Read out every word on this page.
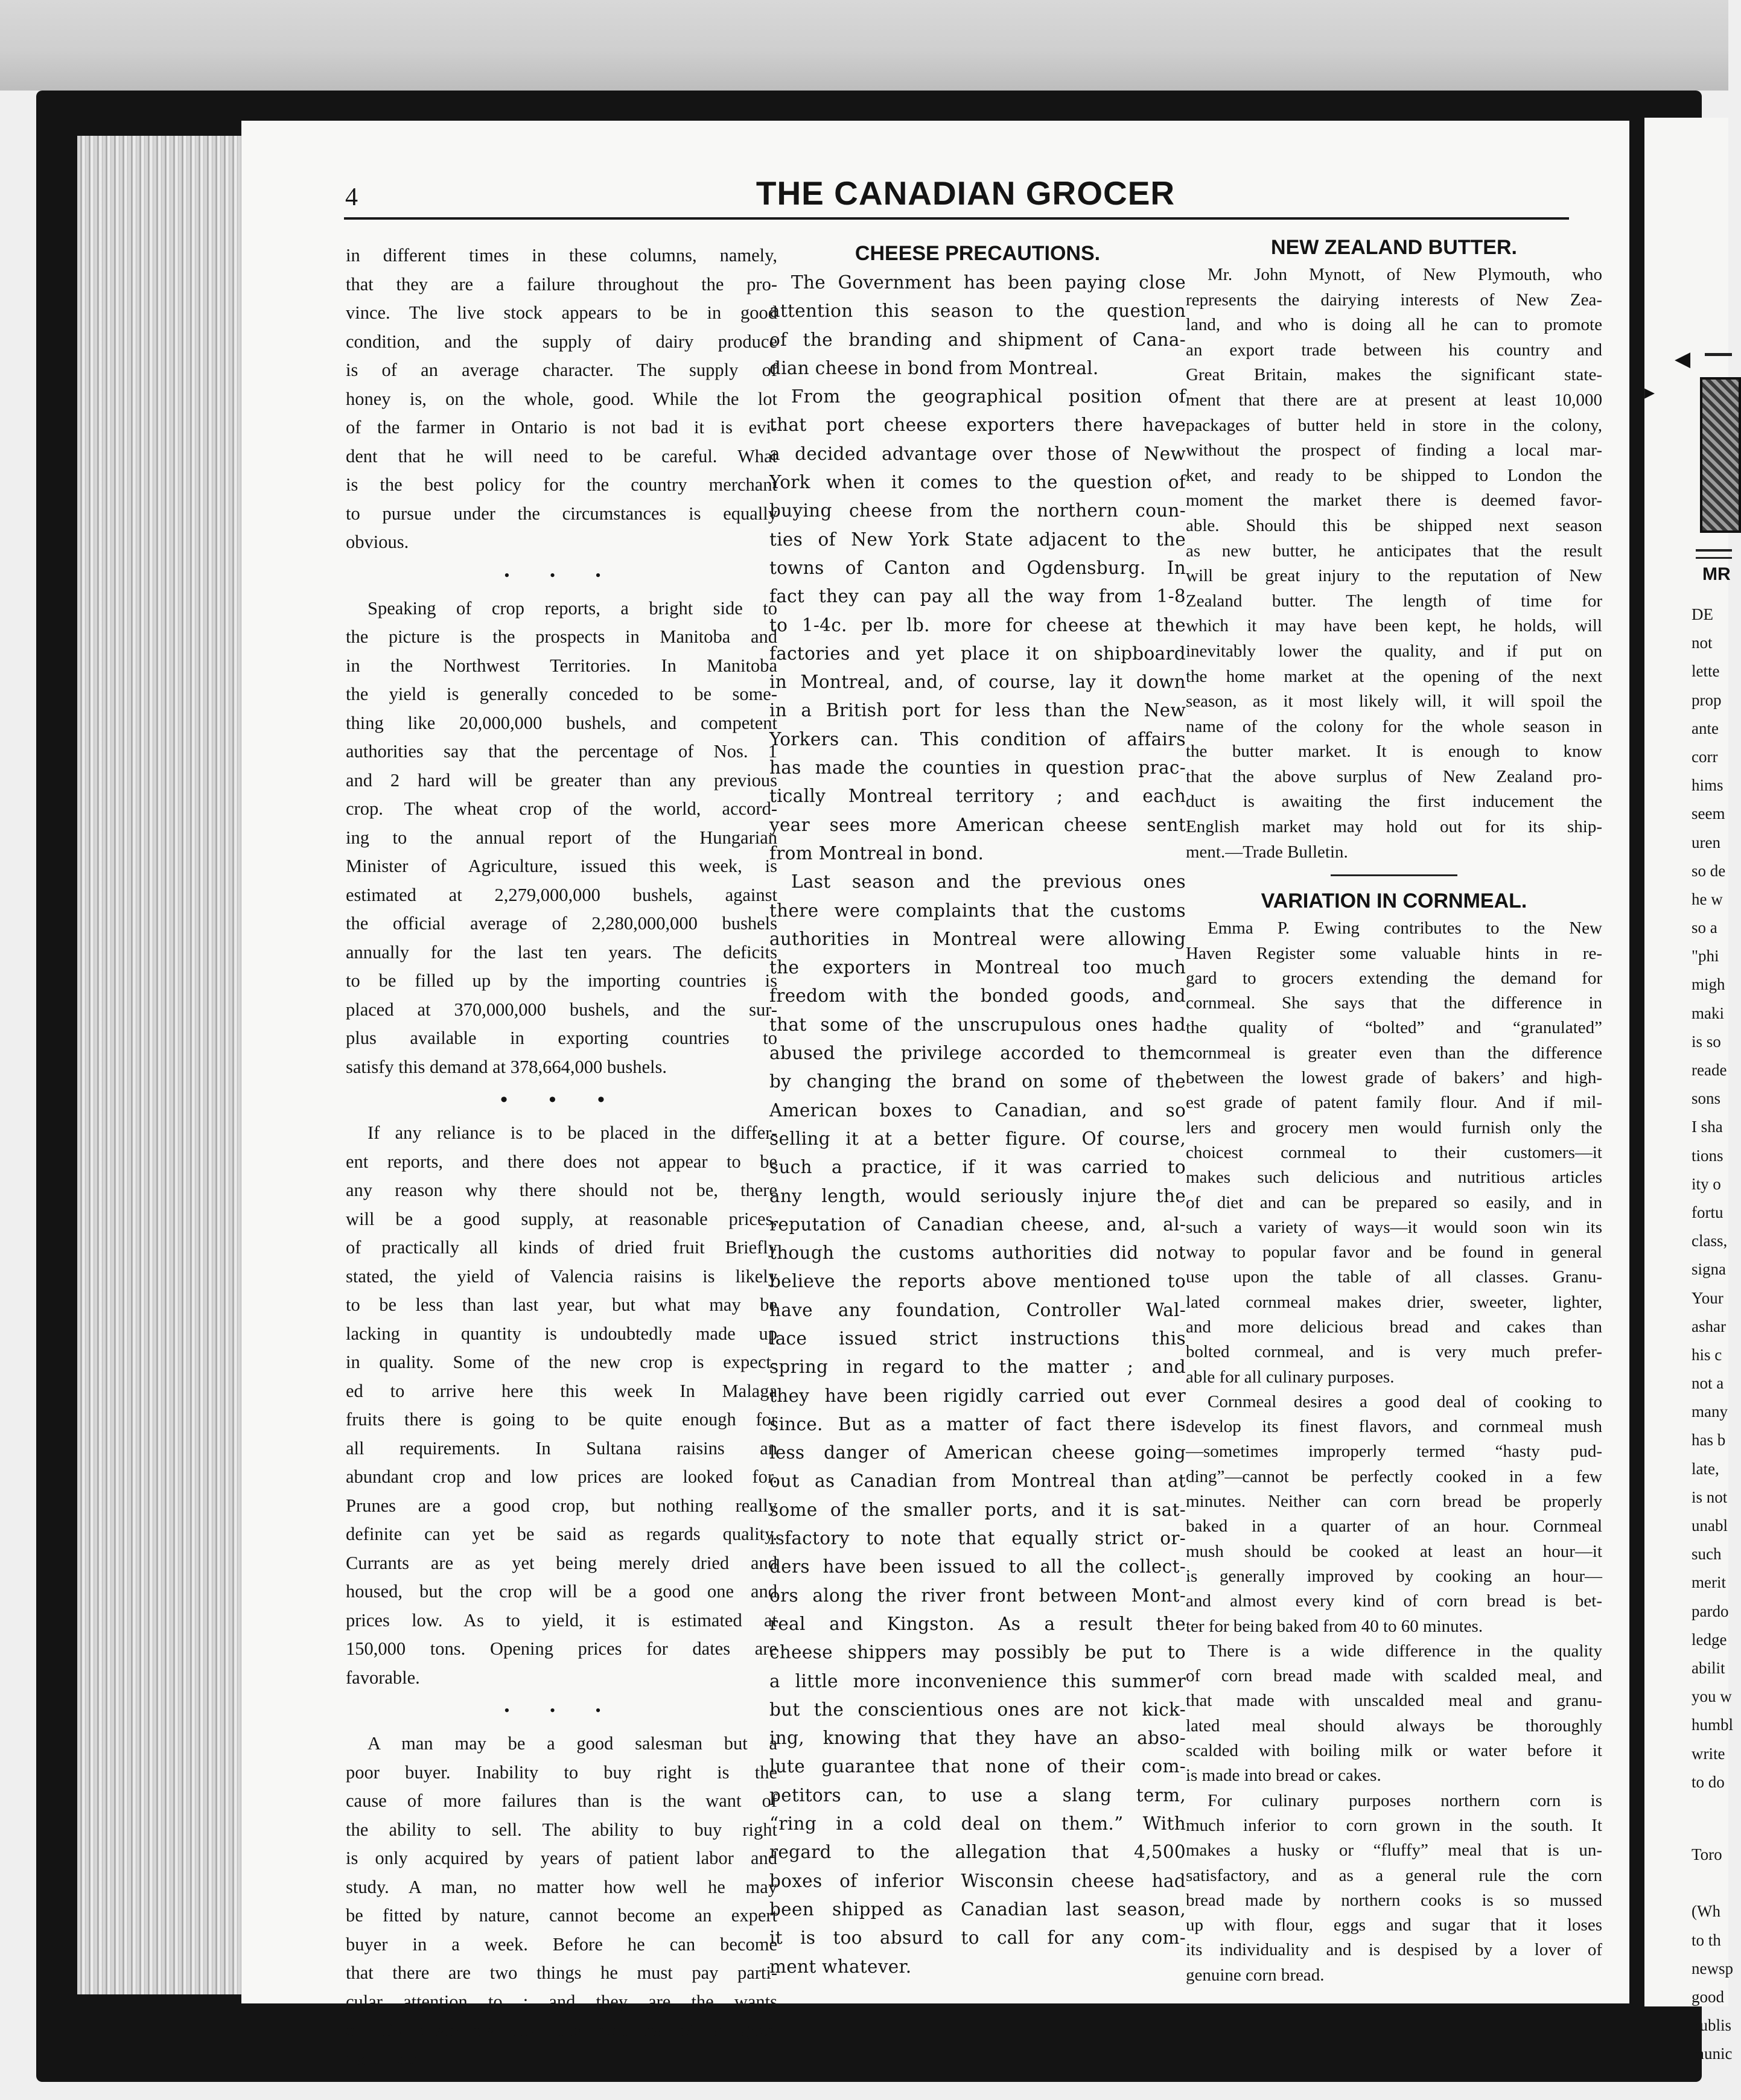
MR
DE
not
lette
prop
ante
corr
hims
seem
uren
so de
he w
so a
"phi
migh
maki
is so
reade
sons
I sha
tions
ity o
fortu
class,
signa
Your
ashar
his c
not a
many
has b
late,
is not
unabl
such
merit
pardo
ledge
abilit
you w
humbl
write
to do
Toro
(Wh
to th
newsp
good
publis
munic
◀
▸
4	THE CANADIAN GROCER
in different times in these columns, namely,
that they are a failure throughout the pro-
vince. The live stock appears to be in good
condition, and the supply of dairy produce
is of an average character. The supply of
honey is, on the whole, good. While the lot
of the farmer in Ontario is not bad it is evi-
dent that he will need to be careful. What
is the best policy for the country merchant
to pursue under the circumstances is equally
obvious.
• • •
Speaking of crop reports, a bright side to
the picture is the prospects in Manitoba and
in the Northwest Territories. In Manitoba
the yield is generally conceded to be some-
thing like 20,000,000 bushels, and competent
authorities say that the percentage of Nos. 1
and 2 hard will be greater than any previous
crop. The wheat crop of the world, accord-
ing to the annual report of the Hungarian
Minister of Agriculture, issued this week, is
estimated at 2,279,000,000 bushels, against
the official average of 2,280,000,000 bushels
annually for the last ten years. The deficits
to be filled up by the importing countries is
placed at 370,000,000 bushels, and the sur-
plus available in exporting countries to
satisfy this demand at 378,664,000 bushels.
• • •
If any reliance is to be placed in the differ-
ent reports, and there does not appear to be
any reason why there should not be, there
will be a good supply, at reasonable prices,
of practically all kinds of dried fruit Briefly
stated, the yield of Valencia raisins is likely
to be less than last year, but what may be
lacking in quantity is undoubtedly made up
in quality. Some of the new crop is expect-
ed to arrive here this week In Malaga
fruits there is going to be quite enough for
all requirements. In Sultana raisins an
abundant crop and low prices are looked for.
Prunes are a good crop, but nothing really
definite can yet be said as regards quality.
Currants are as yet being merely dried and
housed, but the crop will be a good one and
prices low. As to yield, it is estimated at
150,000 tons. Opening prices for dates are
favorable.
• • •
A man may be a good salesman but a
poor buyer. Inability to buy right is the
cause of more failures than is the want of
the ability to sell. The ability to buy right
is only acquired by years of patient labor and
study. A man, no matter how well he may
be fitted by nature, cannot become an expert
buyer in a week. Before he can become
that there are two things he must pay parti-
cular attention to ; and they are the wants
of his customers and the columns of a good
trade paper.
CHEESE PRECAUTIONS.
The Government has been paying close
attention this season to the question
of the branding and shipment of Cana-
dian cheese in bond from Montreal.
From the geographical position of
that port cheese exporters there have
a decided advantage over those of New
York when it comes to the question of
buying cheese from the northern coun-
ties of New York State adjacent to the
towns of Canton and Ogdensburg. In
fact they can pay all the way from 1-8
to 1-4c. per lb. more for cheese at the
factories and yet place it on shipboard
in Montreal, and, of course, lay it down
in a British port for less than the New
Yorkers can. This condition of affairs
has made the counties in question prac-
tically Montreal territory ; and each
year sees more American cheese sent
from Montreal in bond.
Last season and the previous ones
there were complaints that the customs
authorities in Montreal were allowing
the exporters in Montreal too much
freedom with the bonded goods, and
that some of the unscrupulous ones had
abused the privilege accorded to them
by changing the brand on some of the
American boxes to Canadian, and so
selling it at a better figure. Of course,
such a practice, if it was carried to
any length, would seriously injure the
reputation of Canadian cheese, and, al-
though the customs authorities did not
believe the reports above mentioned to
have any foundation, Controller Wal-
lace issued strict instructions this
spring in regard to the matter ; and
they have been rigidly carried out ever
since. But as a matter of fact there is
less danger of American cheese going
out as Canadian from Montreal than at
some of the smaller ports, and it is sat-
isfactory to note that equally strict or-
ders have been issued to all the collect-
ors along the river front between Mont-
real and Kingston. As a result the
cheese shippers may possibly be put to
a little more inconvenience this summer
but the conscientious ones are not kick-
ing, knowing that they have an abso-
lute guarantee that none of their com-
petitors can, to use a slang term,
“ring in a cold deal on them.” With
regard to the allegation that 4,500
boxes of inferior Wisconsin cheese had
been shipped as Canadian last season,
it is too absurd to call for any com-
ment whatever.
NEW ZEALAND BUTTER.
Mr. John Mynott, of New Plymouth, who
represents the dairying interests of New Zea-
land, and who is doing all he can to promote
an export trade between his country and
Great Britain, makes the significant state-
ment that there are at present at least 10,000
packages of butter held in store in the colony,
without the prospect of finding a local mar-
ket, and ready to be shipped to London the
moment the market there is deemed favor-
able. Should this be shipped next season
as new butter, he anticipates that the result
will be great injury to the reputation of New
Zealand butter. The length of time for
which it may have been kept, he holds, will
inevitably lower the quality, and if put on
the home market at the opening of the next
season, as it most likely will, it will spoil the
name of the colony for the whole season in
the butter market. It is enough to know
that the above surplus of New Zealand pro-
duct is awaiting the first inducement the
English market may hold out for its ship-
ment.—Trade Bulletin.
VARIATION IN CORNMEAL.
Emma P. Ewing contributes to the New
Haven Register some valuable hints in re-
gard to grocers extending the demand for
cornmeal. She says that the difference in
the quality of “bolted” and “granulated”
cornmeal is greater even than the difference
between the lowest grade of bakers’ and high-
est grade of patent family flour. And if mil-
lers and grocery men would furnish only the
choicest cornmeal to their customers—it
makes such delicious and nutritious articles
of diet and can be prepared so easily, and in
such a variety of ways—it would soon win its
way to popular favor and be found in general
use upon the table of all classes. Granu-
lated cornmeal makes drier, sweeter, lighter,
and more delicious bread and cakes than
bolted cornmeal, and is very much prefer-
able for all culinary purposes.
Cornmeal desires a good deal of cooking to
develop its finest flavors, and cornmeal mush
—sometimes improperly termed “hasty pud-
ding”—cannot be perfectly cooked in a few
minutes. Neither can corn bread be properly
baked in a quarter of an hour. Cornmeal
mush should be cooked at least an hour—it
is generally improved by cooking an hour—
and almost every kind of corn bread is bet-
ter for being baked from 40 to 60 minutes.
There is a wide difference in the quality
of corn bread made with scalded meal, and
that made with unscalded meal and granu-
lated meal should always be thoroughly
scalded with boiling milk or water before it
is made into bread or cakes.
For culinary purposes northern corn is
much inferior to corn grown in the south. It
makes a husky or “fluffy” meal that is un-
satisfactory, and as a general rule the corn
bread made by northern cooks is so mussed
up with flour, eggs and sugar that it loses
its individuality and is despised by a lover of
genuine corn bread.
